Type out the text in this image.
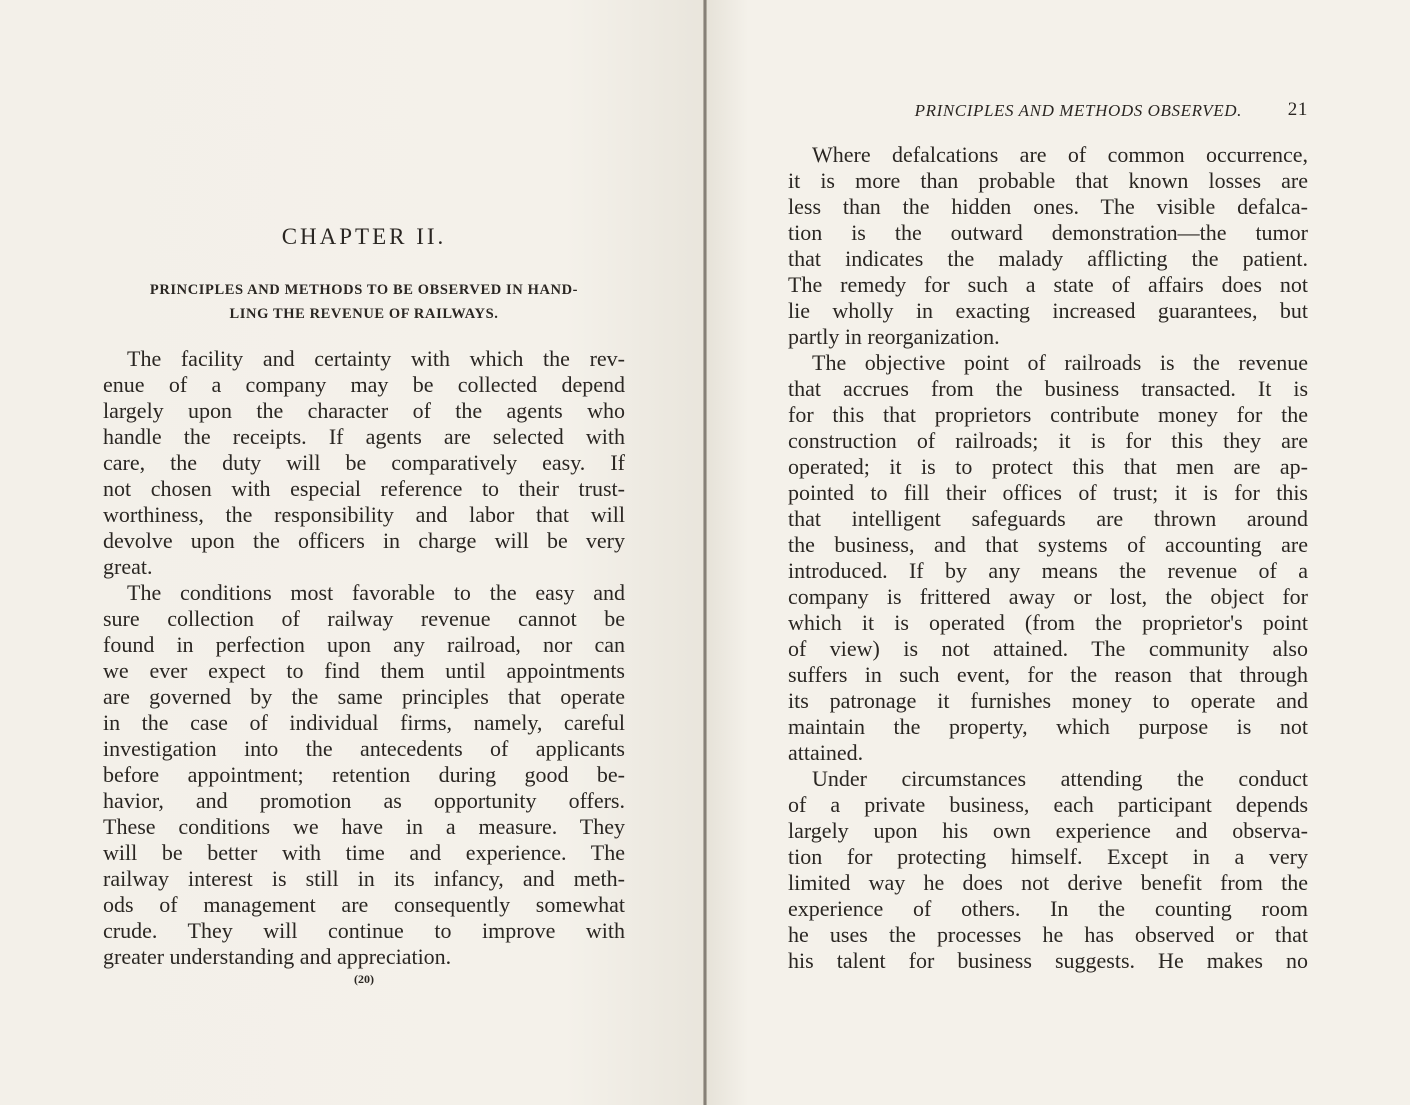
CHAPTER II.
PRINCIPLES AND METHODS TO BE OBSERVED IN HAND-
LING THE REVENUE OF RAILWAYS.
The facility and certainty with which the rev-
enue of a company may be collected depend
largely upon the character of the agents who
handle the receipts. If agents are selected with
care, the duty will be comparatively easy. If
not chosen with especial reference to their trust-
worthiness, the responsibility and labor that will
devolve upon the officers in charge will be very
great.
The conditions most favorable to the easy and
sure collection of railway revenue cannot be
found in perfection upon any railroad, nor can
we ever expect to find them until appointments
are governed by the same principles that operate
in the case of individual firms, namely, careful
investigation into the antecedents of applicants
before appointment; retention during good be-
havior, and promotion as opportunity offers.
These conditions we have in a measure. They
will be better with time and experience. The
railway interest is still in its infancy, and meth-
ods of management are consequently somewhat
crude. They will continue to improve with
greater understanding and appreciation.
(20)
PRINCIPLES AND METHODS OBSERVED. 21
Where defalcations are of common occurrence,
it is more than probable that known losses are
less than the hidden ones. The visible defalca-
tion is the outward demonstration—the tumor
that indicates the malady afflicting the patient.
The remedy for such a state of affairs does not
lie wholly in exacting increased guarantees, but
partly in reorganization.
The objective point of railroads is the revenue
that accrues from the business transacted. It is
for this that proprietors contribute money for the
construction of railroads; it is for this they are
operated; it is to protect this that men are ap-
pointed to fill their offices of trust; it is for this
that intelligent safeguards are thrown around
the business, and that systems of accounting are
introduced. If by any means the revenue of a
company is frittered away or lost, the object for
which it is operated (from the proprietor's point
of view) is not attained. The community also
suffers in such event, for the reason that through
its patronage it furnishes money to operate and
maintain the property, which purpose is not
attained.
Under circumstances attending the conduct
of a private business, each participant depends
largely upon his own experience and observa-
tion for protecting himself. Except in a very
limited way he does not derive benefit from the
experience of others. In the counting room
he uses the processes he has observed or that
his talent for business suggests. He makes no
